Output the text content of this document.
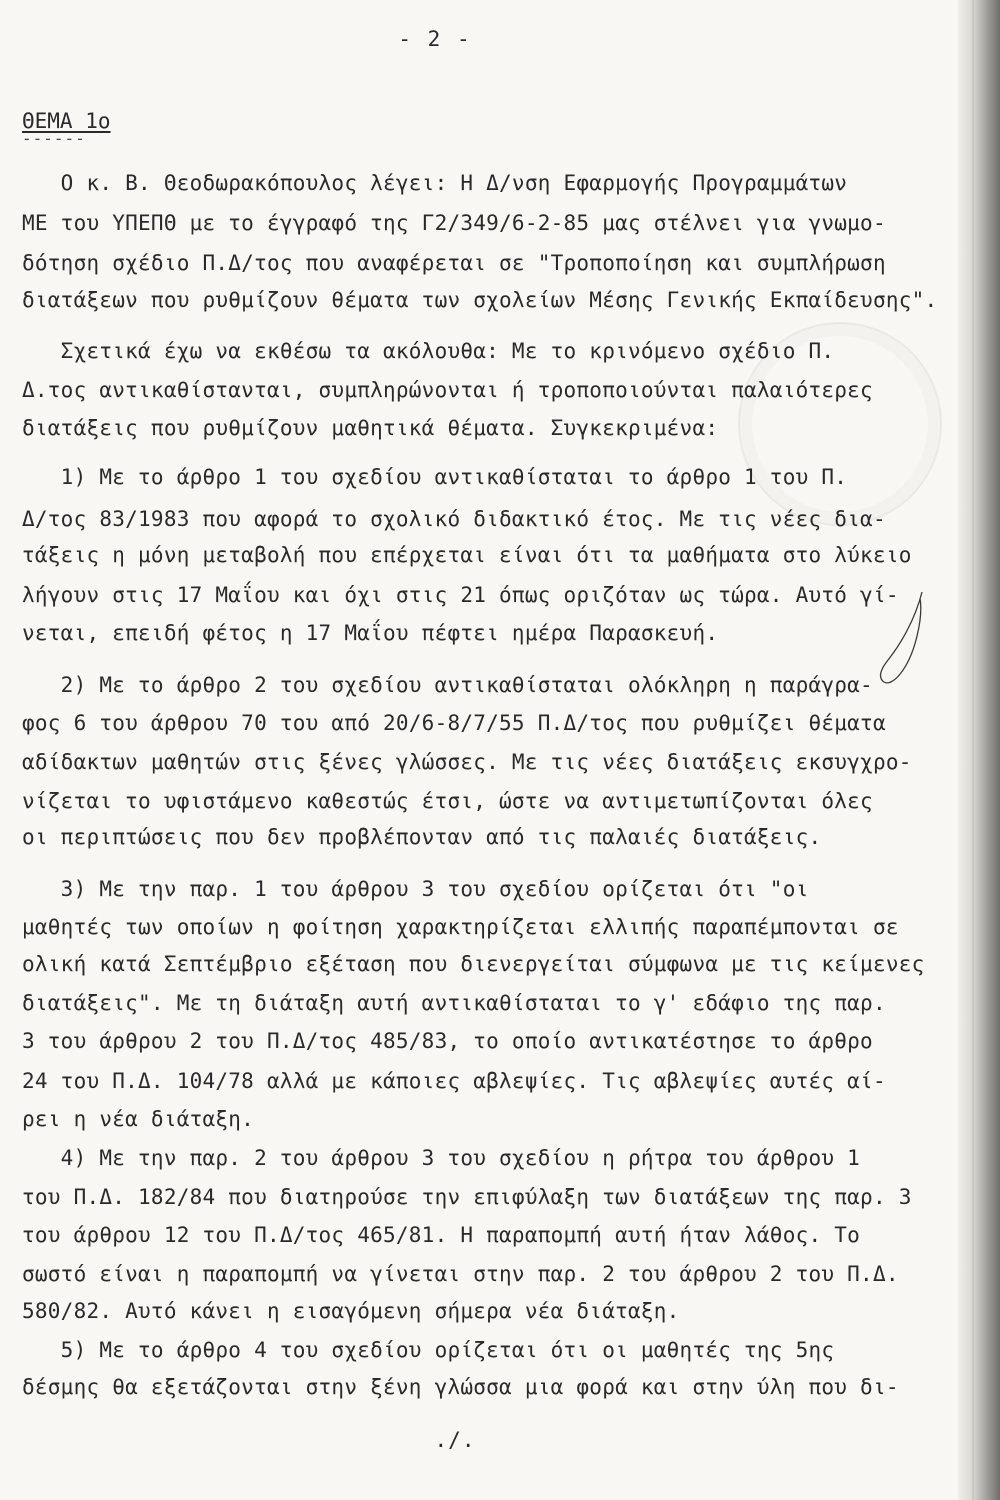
- 2 -
ΘΕΜΑ 1ο
------
Ο κ. Β. Θεοδωρακόπουλος λέγει: Η Δ/νση Εφαρμογής Προγραμμάτων
ΜΕ του ΥΠΕΠΘ με το έγγραφό της Γ2/349/6-2-85 μας στέλνει για γνωμο-
δότηση σχέδιο Π.Δ/τος που αναφέρεται σε "Τροποποίηση και συμπλήρωση
διατάξεων που ρυθμίζουν θέματα των σχολείων Μέσης Γενικής Εκπαίδευσης".
Σχετικά έχω να εκθέσω τα ακόλουθα: Με το κρινόμενο σχέδιο Π.
Δ.τος αντικαθίστανται, συμπληρώνονται ή τροποποιούνται παλαιότερες
διατάξεις που ρυθμίζουν μαθητικά θέματα. Συγκεκριμένα:
1) Με το άρθρο 1 του σχεδίου αντικαθίσταται το άρθρο 1 του Π.
Δ/τος 83/1983 που αφορά το σχολικό διδακτικό έτος. Με τις νέες δια-
τάξεις η μόνη μεταβολή που επέρχεται είναι ότι τα μαθήματα στο λύκειο
λήγουν στις 17 Μαΐου και όχι στις 21 όπως οριζόταν ως τώρα. Αυτό γί-
νεται, επειδή φέτος η 17 Μαΐου πέφτει ημέρα Παρασκευή.
2) Με το άρθρο 2 του σχεδίου αντικαθίσταται ολόκληρη η παράγρα-
φος 6 του άρθρου 70 του από 20/6-8/7/55 Π.Δ/τος που ρυθμίζει θέματα
αδίδακτων μαθητών στις ξένες γλώσσες. Με τις νέες διατάξεις εκσυγχρο-
νίζεται το υφιστάμενο καθεστώς έτσι, ώστε να αντιμετωπίζονται όλες
οι περιπτώσεις που δεν προβλέπονταν από τις παλαιές διατάξεις.
3) Με την παρ. 1 του άρθρου 3 του σχεδίου ορίζεται ότι "οι
μαθητές των οποίων η φοίτηση χαρακτηρίζεται ελλιπής παραπέμπονται σε
ολική κατά Σεπτέμβριο εξέταση που διενεργείται σύμφωνα με τις κείμενες
διατάξεις". Με τη διάταξη αυτή αντικαθίσταται το γ' εδάφιο της παρ.
3 του άρθρου 2 του Π.Δ/τος 485/83, το οποίο αντικατέστησε το άρθρο
24 του Π.Δ. 104/78 αλλά με κάποιες αβλεψίες. Τις αβλεψίες αυτές αί-
ρει η νέα διάταξη.
4) Με την παρ. 2 του άρθρου 3 του σχεδίου η ρήτρα του άρθρου 1
του Π.Δ. 182/84 που διατηρούσε την επιφύλαξη των διατάξεων της παρ. 3
του άρθρου 12 του Π.Δ/τος 465/81. Η παραπομπή αυτή ήταν λάθος. Το
σωστό είναι η παραπομπή να γίνεται στην παρ. 2 του άρθρου 2 του Π.Δ.
580/82. Αυτό κάνει η εισαγόμενη σήμερα νέα διάταξη.
5) Με το άρθρο 4 του σχεδίου ορίζεται ότι οι μαθητές της 5ης
δέσμης θα εξετάζονται στην ξένη γλώσσα μια φορά και στην ύλη που δι-
./.
